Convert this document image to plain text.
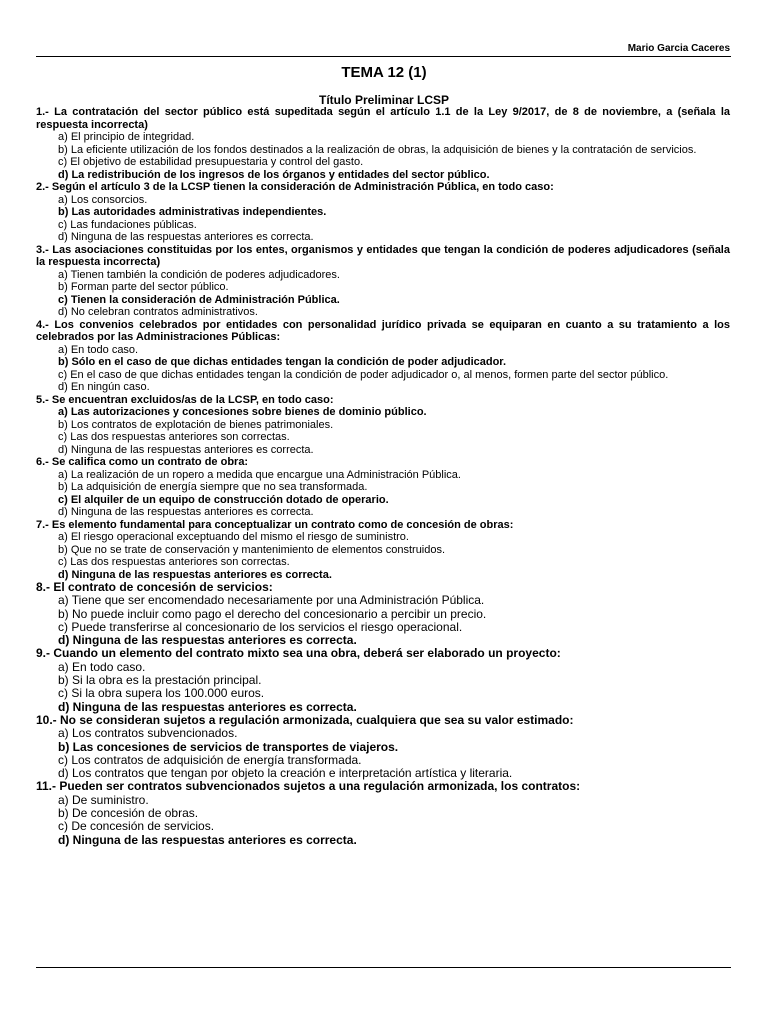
Mario Garcia Caceres
TEMA 12 (1)
Título Preliminar LCSP
1.- La contratación del sector público está supeditada según el artículo 1.1 de la Ley 9/2017, de 8 de noviembre, a (señala la respuesta incorrecta)
a) El principio de integridad.
b) La eficiente utilización de los fondos destinados a la realización de obras, la adquisición de bienes y la contratación de servicios.
c) El objetivo de estabilidad presupuestaria y control del gasto.
d) La redistribución de los ingresos de los órganos y entidades del sector público.
2.- Según el artículo 3 de la LCSP tienen la consideración de Administración Pública, en todo caso:
a) Los consorcios.
b) Las autoridades administrativas independientes.
c) Las fundaciones públicas.
d) Ninguna de las respuestas anteriores es correcta.
3.- Las asociaciones constituidas por los entes, organismos y entidades que tengan la condición de poderes adjudicadores (señala la respuesta incorrecta)
a) Tienen también la condición de poderes adjudicadores.
b) Forman parte del sector público.
c) Tienen la consideración de Administración Pública.
d) No celebran contratos administrativos.
4.- Los convenios celebrados por entidades con personalidad jurídico privada se equiparan en cuanto a su tratamiento a los celebrados por las Administraciones Públicas:
a) En todo caso.
b) Sólo en el caso de que dichas entidades tengan la condición de poder adjudicador.
c) En el caso de que dichas entidades tengan la condición de poder adjudicador o, al menos, formen parte del sector público.
d) En ningún caso.
5.- Se encuentran excluidos/as de la LCSP, en todo caso:
a) Las autorizaciones y concesiones sobre bienes de dominio público.
b) Los contratos de explotación de bienes patrimoniales.
c) Las dos respuestas anteriores son correctas.
d) Ninguna de las respuestas anteriores es correcta.
6.- Se califica como un contrato de obra:
a) La realización de un ropero a medida que encargue una Administración Pública.
b) La adquisición de energía siempre que no sea transformada.
c) El alquiler de un equipo de construcción dotado de operario.
d) Ninguna de las respuestas anteriores es correcta.
7.- Es elemento fundamental para conceptualizar un contrato como de concesión de obras:
a) El riesgo operacional exceptuando del mismo el riesgo de suministro.
b) Que no se trate de conservación y mantenimiento de elementos construidos.
c) Las dos respuestas anteriores son correctas.
d) Ninguna de las respuestas anteriores es correcta.
8.- El contrato de concesión de servicios:
a) Tiene que ser encomendado necesariamente por una Administración Pública.
b) No puede incluir como pago el derecho del concesionario a percibir un precio.
c) Puede transferirse al concesionario de los servicios el riesgo operacional.
d) Ninguna de las respuestas anteriores es correcta.
9.- Cuando un elemento del contrato mixto sea una obra, deberá ser elaborado un proyecto:
a) En todo caso.
b) Si la obra es la prestación principal.
c) Si la obra supera los 100.000 euros.
d) Ninguna de las respuestas anteriores es correcta.
10.- No se consideran sujetos a regulación armonizada, cualquiera que sea su valor estimado:
a) Los contratos subvencionados.
b) Las concesiones de servicios de transportes de viajeros.
c) Los contratos de adquisición de energía transformada.
d) Los contratos que tengan por objeto la creación e interpretación artística y literaria.
11.- Pueden ser contratos subvencionados sujetos a una regulación armonizada, los contratos:
a) De suministro.
b) De concesión de obras.
c) De concesión de servicios.
d) Ninguna de las respuestas anteriores es correcta.
